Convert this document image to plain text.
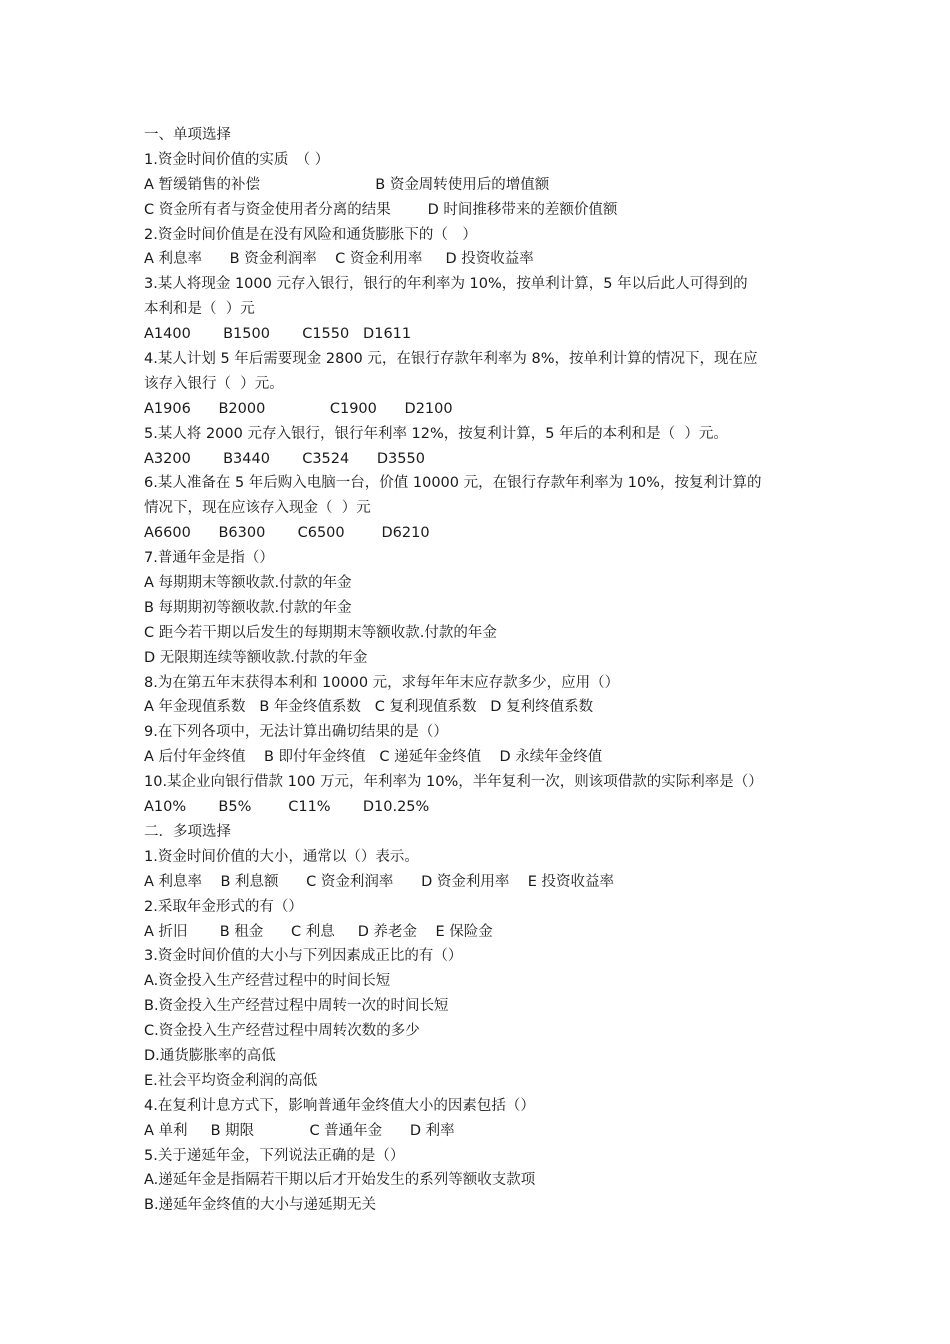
一、单项选择
1.资金时间价值的实质　（ ）
A 暂缓销售的补偿                         B 资金周转使用后的增值额
C 资金所有者与资金使用者分离的结果        D 时间推移带来的差额价值额
2.资金时间价值是在没有风险和通货膨胀下的（　）
A 利息率      B 资金利润率    C 资金利用率     D 投资收益率
3.某人将现金 1000 元存入银行，银行的年利率为 10%，按单利计算，5 年以后此人可得到的
本利和是（  ）元
A1400       B1500       C1550   D1611
4.某人计划 5 年后需要现金 2800 元，在银行存款年利率为 8%，按单利计算的情况下，现在应
该存入银行（  ）元。
A1906      B2000              C1900      D2100
5.某人将 2000 元存入银行，银行年利率 12%，按复利计算，5 年后的本利和是（  ）元。
A3200       B3440       C3524      D3550
6.某人准备在 5 年后购入电脑一台，价值 10000 元，在银行存款年利率为 10%，按复利计算的
情况下，现在应该存入现金（  ）元
A6600      B6300       C6500        D6210
7.普通年金是指（）
A 每期期末等额收款.付款的年金
B 每期期初等额收款.付款的年金
C 距今若干期以后发生的每期期末等额收款.付款的年金
D 无限期连续等额收款.付款的年金
8.为在第五年末获得本利和 10000 元，求每年年末应存款多少，应用（）
A 年金现值系数   B 年金终值系数   C 复利现值系数   D 复利终值系数
9.在下列各项中，无法计算出确切结果的是（）
A 后付年金终值    B 即付年金终值   C 递延年金终值    D 永续年金终值
10.某企业向银行借款 100 万元，年利率为 10%，半年复利一次，则该项借款的实际利率是（）
A10%       B5%        C11%       D10.25%
二．多项选择
1.资金时间价值的大小，通常以（）表示。
A 利息率    B 利息额      C 资金利润率      D 资金利用率    E 投资收益率
2.采取年金形式的有（）
A 折旧       B 租金      C 利息     D 养老金    E 保险金
3.资金时间价值的大小与下列因素成正比的有（）
A.资金投入生产经营过程中的时间长短
B.资金投入生产经营过程中周转一次的时间长短
C.资金投入生产经营过程中周转次数的多少
D.通货膨胀率的高低
E.社会平均资金利润的高低
4.在复利计息方式下，影响普通年金终值大小的因素包括（）
A 单利     B 期限            C 普通年金      D 利率
5.关于递延年金，下列说法正确的是（）
A.递延年金是指隔若干期以后才开始发生的系列等额收支款项
B.递延年金终值的大小与递延期无关
